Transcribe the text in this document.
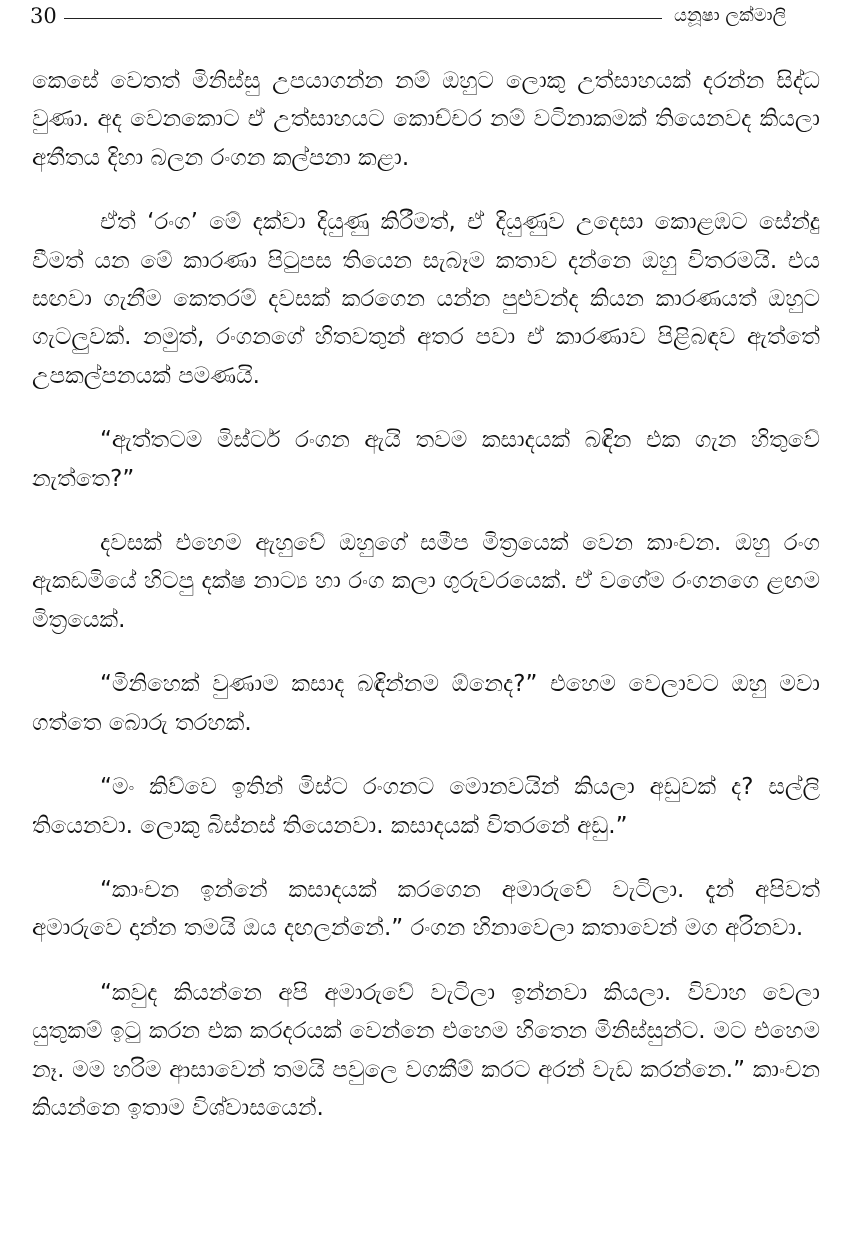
30	යනූෂා ලක්මාලි

කෙසේ වෙතත් මිනිස්සු උපයාගන්න නම් ඔහුට ලොකු උත්සාහයක් දරන්න සිද්ධ වුණා. අද වෙනකොට ඒ උත්සාහයට කොච්චර නම් වටිනාකමක් තියෙනවද කියලා අතීතය දිහා බලන රංගන කල්පනා කළා.

ඒත් ‘රංග’ මේ දක්වා දියුණු කිරීමත්, ඒ දියුණුව උදෙසා කොළඹට සේන්දු වීමත් යන මේ කාරණා පිටුපස තියෙන සැබෑම කතාව දන්නෙ ඔහු විතරමයි. එය සඟවා ගැනීම කෙතරම් දවසක් කරගෙන යන්න පුළුවන්ද කියන කාරණයත් ඔහුට ගැටලුවක්. නමුත්, රංගනගේ හිතවතුන් අතර පවා ඒ කාරණාව පිළිබඳව ඇත්තේ උපකල්පනයක් පමණයි.

“ඇත්තටම මිස්ටර් රංගන ඇයි තවම කසාදයක් බඳින එක ගැන හිතුවේ නැත්තෙ?”

දවසක් එහෙම ඇහුවේ ඔහුගේ සමීප මිත්‍රයෙක් වෙන කාංචන. ඔහු රංග ඇකඩමියේ හිටපු දක්ෂ නාට්‍ය හා රංග කලා ගුරුවරයෙක්. ඒ වගේම රංගනගෙ ළඟම මිත්‍රයෙක්.

“මිනිහෙක් වුණාම කසාද බඳින්නම ඕනෙද?” එහෙම වෙලාවට ඔහු මවා ගත්තෙ බොරු තරහක්.

“මං කිව්වෙ ඉතින් මිස්ට රංගනට මොනවයින් කියලා අඩුවක් ද? සල්ලි තියෙනවා. ලොකු බිස්නස් තියෙනවා. කසාදයක් විතරනේ අඩු.”

“කාංචන ඉන්නේ කසාදයක් කරගෙන අමාරුවේ වැටිලා. දැන් අපිවත් අමාරුවෙ දාන්න තමයි ඔය දඟලන්නේ.” රංගන හිනාවෙලා කතාවෙන් මග අරිනවා.

“කවුද කියන්නෙ අපි අමාරුවේ වැටිලා ඉන්නවා කියලා. විවාහ වෙලා යුතුකම් ඉටු කරන එක කරදරයක් වෙන්නෙ එහෙම හිතෙන මිනිස්සුන්ට. මට එහෙම නෑ. මම හරිම ආසාවෙන් තමයි පවුලෙ වගකීම් කරට අරන් වැඩ කරන්නෙ.” කාංචන කියන්නෙ ඉතාම විශ්වාසයෙන්.
